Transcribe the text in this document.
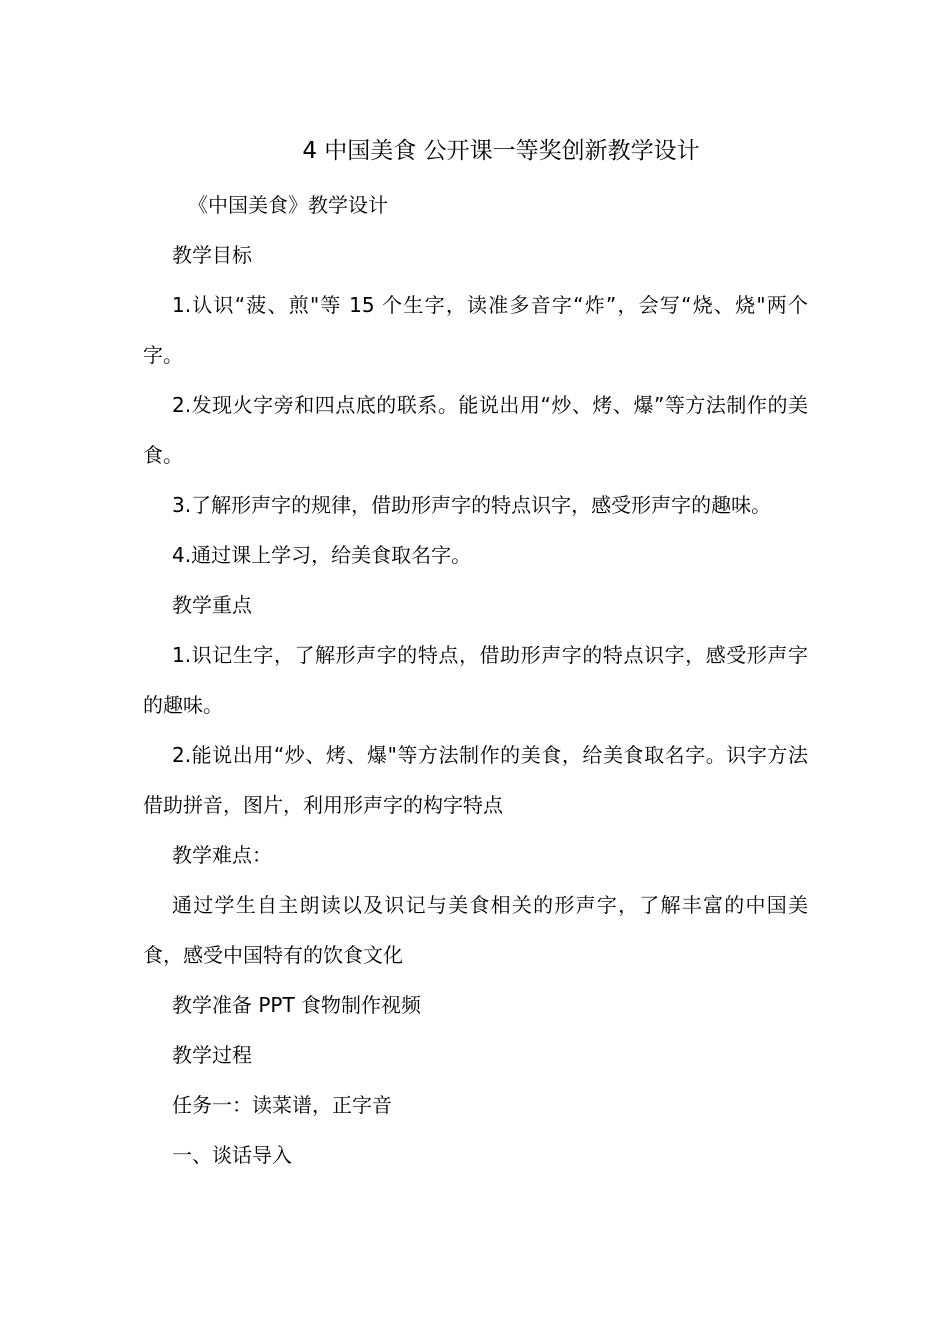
4 中国美食 公开课一等奖创新教学设计

《中国美食》教学设计

教学目标

1.认识“菠、煎"等 15 个生字，读准多音字“炸”，会写“烧、烧"两个字。

2.发现火字旁和四点底的联系。能说出用“炒、烤、爆”等方法制作的美食。

3.了解形声字的规律，借助形声字的特点识字，感受形声字的趣味。

4.通过课上学习，给美食取名字。

教学重点

1.识记生字，了解形声字的特点，借助形声字的特点识字，感受形声字的趣味。

2.能说出用“炒、烤、爆"等方法制作的美食，给美食取名字。识字方法借助拼音，图片，利用形声字的构字特点

教学难点：

通过学生自主朗读以及识记与美食相关的形声字，了解丰富的中国美食，感受中国特有的饮食文化

教学准备 PPT 食物制作视频

教学过程

任务一：读菜谱，正字音

一、谈话导入
